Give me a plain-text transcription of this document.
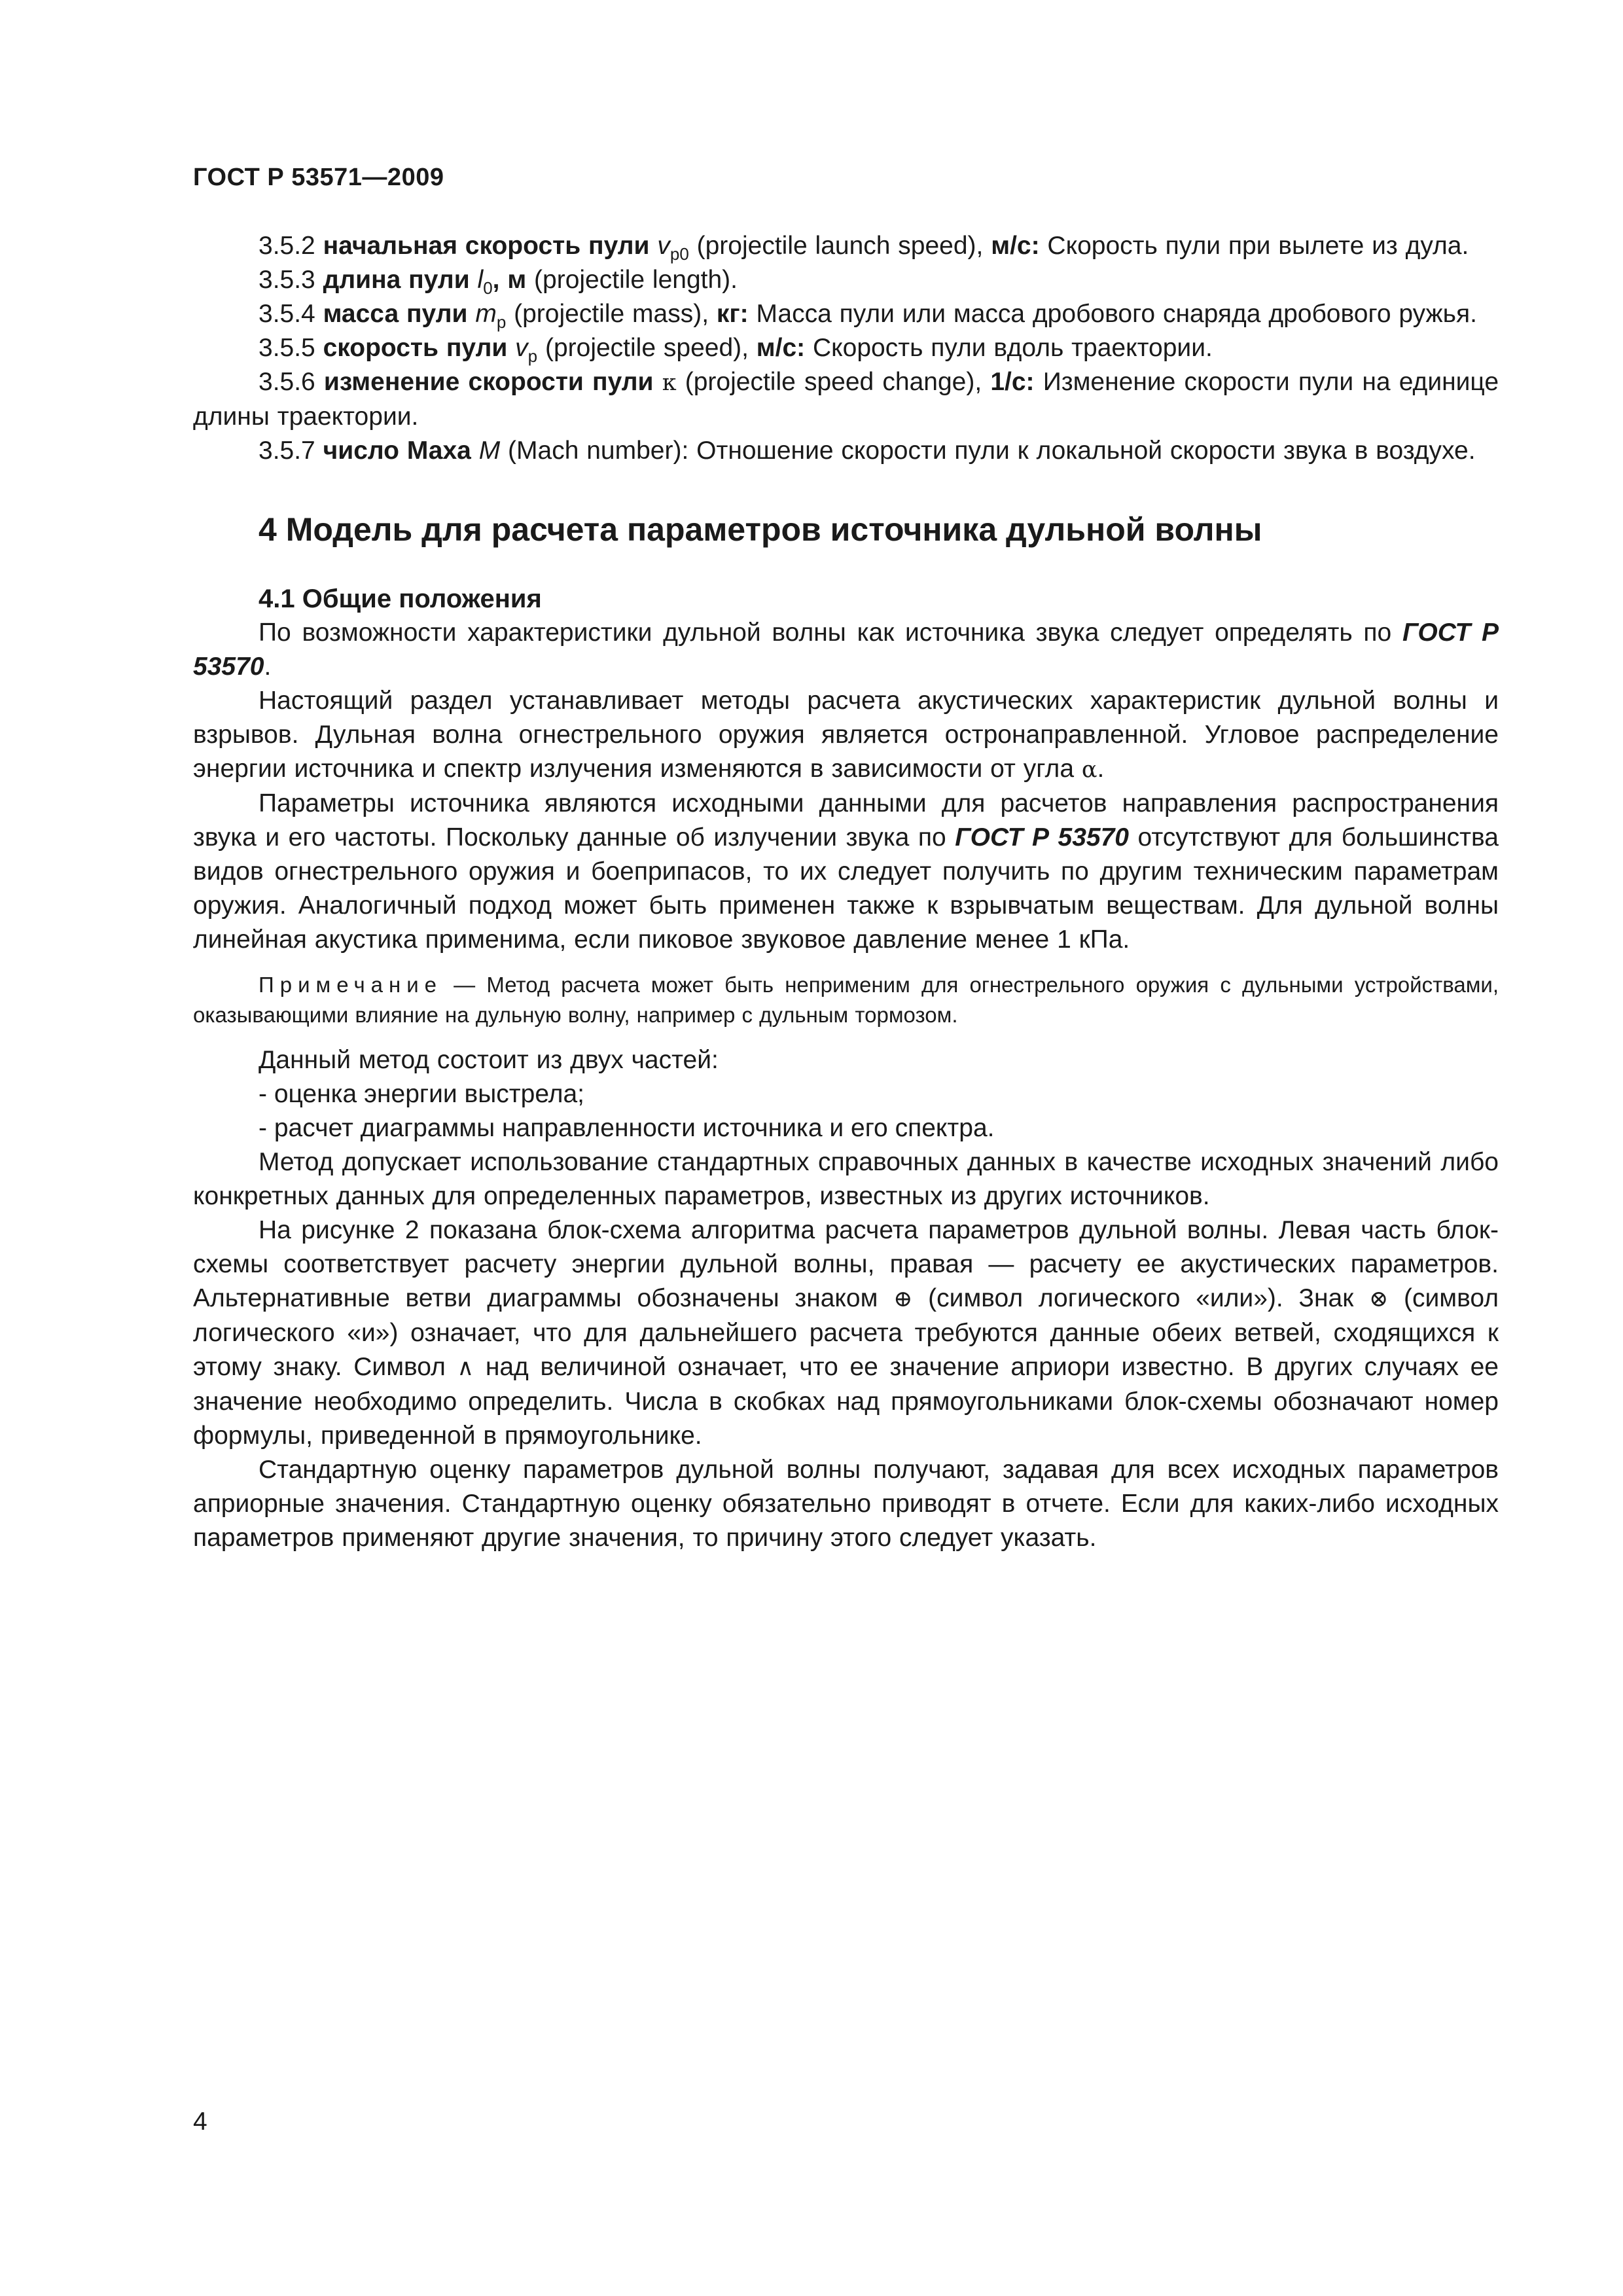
ГОСТ Р 53571—2009

3.5.2 начальная скорость пули $v_{p0}$ (projectile launch speed), м/с: Скорость пули при вылете из дула.

3.5.3 длина пули $l_0$, м (projectile length).

3.5.4 масса пули $m_p$ (projectile mass), кг: Масса пули или масса дробового снаряда дробового ружья.

3.5.5 скорость пули $v_p$ (projectile speed), м/с: Скорость пули вдоль траектории.

3.5.6 изменение скорости пули κ (projectile speed change), 1/с: Изменение скорости пули на единице длины траектории.

3.5.7 число Маха M (Mach number): Отношение скорости пули к локальной скорости звука в воздухе.

4 Модель для расчета параметров источника дульной волны
4.1 Общие положения

По возможности характеристики дульной волны как источника звука следует определять по ГОСТ Р 53570.

Настоящий раздел устанавливает методы расчета акустических характеристик дульной волны и взрывов. Дульная волна огнестрельного оружия является остронаправленной. Угловое распределение энергии источника и спектр излучения изменяются в зависимости от угла α.

Параметры источника являются исходными данными для расчетов направления распространения звука и его частоты. Поскольку данные об излучении звука по ГОСТ Р 53570 отсутствуют для большинства видов огнестрельного оружия и боеприпасов, то их следует получить по другим техническим параметрам оружия. Аналогичный подход может быть применен также к взрывчатым веществам. Для дульной волны линейная акустика применима, если пиковое звуковое давление менее 1 кПа.

Примечание — Метод расчета может быть неприменим для огнестрельного оружия с дульными устройствами, оказывающими влияние на дульную волну, например с дульным тормозом.

Данный метод состоит из двух частей:

- оценка энергии выстрела;
- расчет диаграммы направленности источника и его спектра.

Метод допускает использование стандартных справочных данных в качестве исходных значений либо конкретных данных для определенных параметров, известных из других источников.

На рисунке 2 показана блок-схема алгоритма расчета параметров дульной волны. Левая часть блок-схемы соответствует расчету энергии дульной волны, правая — расчету ее акустических параметров. Альтернативные ветви диаграммы обозначены знаком ⊕ (символ логического «или»). Знак ⊗ (символ логического «и») означает, что для дальнейшего расчета требуются данные обеих ветвей, сходящихся к этому знаку. Символ ∧ над величиной означает, что ее значение априори известно. В других случаях ее значение необходимо определить. Числа в скобках над прямоугольниками блок-схемы обозначают номер формулы, приведенной в прямоугольнике.

Стандартную оценку параметров дульной волны получают, задавая для всех исходных параметров априорные значения. Стандартную оценку обязательно приводят в отчете. Если для каких-либо исходных параметров применяют другие значения, то причину этого следует указать.

4
